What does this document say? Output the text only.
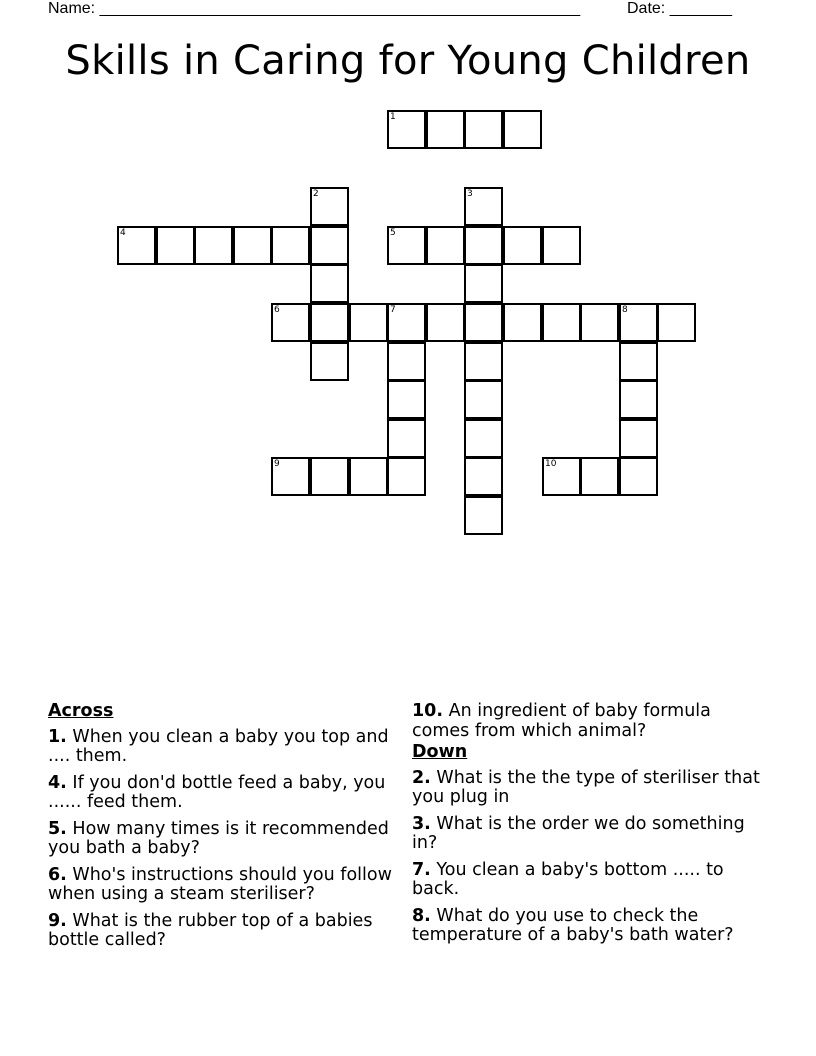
Name: ______________________________________________________	Date: _______
Skills in Caring for Young Children
1
2	3
4	5
6	7	8
9	10
Across
1. When you clean a baby you top and .... them.
4. If you don'd bottle feed a baby, you ...... feed them.
5. How many times is it recommended you bath a baby?
6. Who's instructions should you follow when using a steam steriliser?
9. What is the rubber top of a babies bottle called?
10. An ingredient of baby formula comes from which animal?
Down
2. What is the the type of steriliser that you plug in
3. What is the order we do something in?
7. You clean a baby's bottom ..... to back.
8. What do you use to check the temperature of a baby's bath water?
